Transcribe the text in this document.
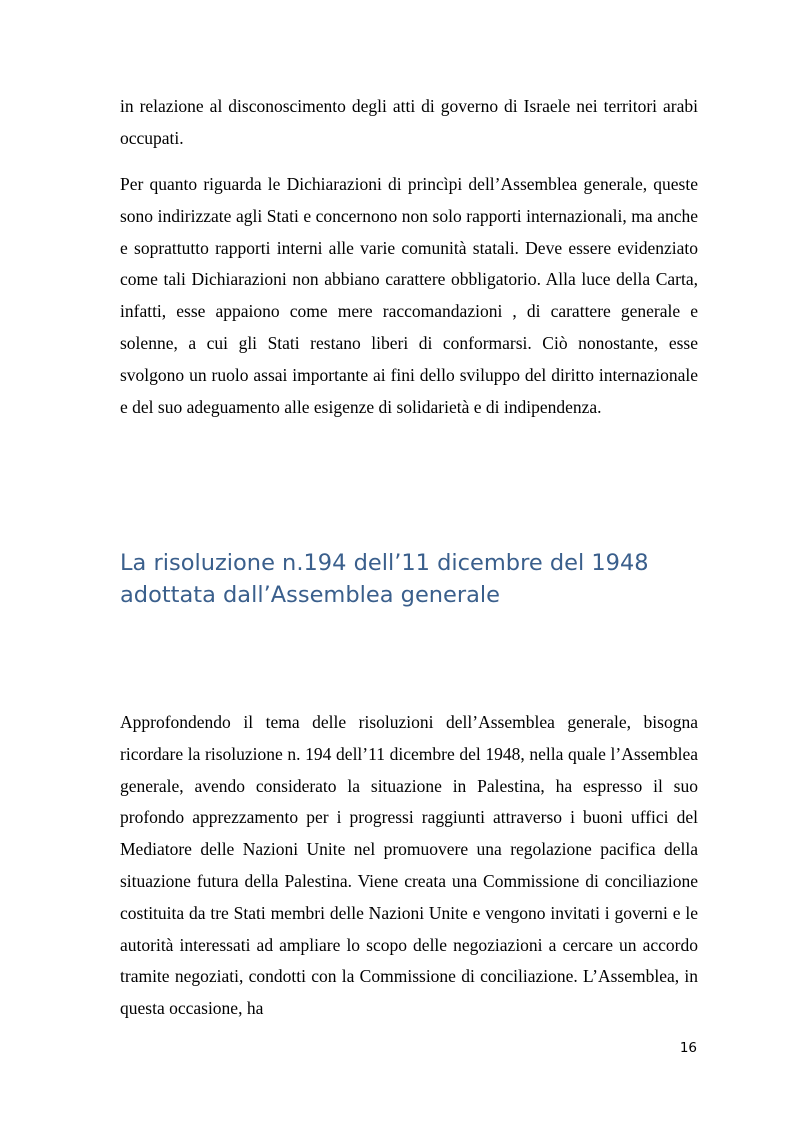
in relazione al disconoscimento degli atti di governo di Israele nei territori arabi occupati.

Per quanto riguarda le Dichiarazioni di princìpi dell’Assemblea generale, queste sono indirizzate agli Stati e concernono non solo rapporti internazionali, ma anche e soprattutto rapporti interni alle varie comunità statali. Deve essere evidenziato come tali Dichiarazioni non abbiano carattere obbligatorio. Alla luce della Carta, infatti, esse appaiono come mere raccomandazioni , di carattere generale e solenne, a cui gli Stati restano liberi di conformarsi. Ciò nonostante, esse svolgono un ruolo assai importante ai fini dello sviluppo del diritto internazionale e del suo adeguamento alle esigenze di solidarietà e di indipendenza.

La risoluzione n.194 dell’11 dicembre del 1948 adottata dall’Assemblea generale

Approfondendo il tema delle risoluzioni dell’Assemblea generale, bisogna ricordare la risoluzione n. 194 dell’11 dicembre del 1948, nella quale l’Assemblea generale, avendo considerato la situazione in Palestina, ha espresso il suo profondo apprezzamento per i progressi raggiunti attraverso i buoni uffici del Mediatore delle Nazioni Unite nel promuovere una regolazione pacifica della situazione futura della Palestina. Viene creata una Commissione di conciliazione costituita da tre Stati membri delle Nazioni Unite e vengono invitati i governi e le autorità interessati ad ampliare lo scopo delle negoziazioni a cercare un accordo tramite negoziati, condotti con la Commissione di conciliazione. L’Assemblea, in questa occasione, ha

16
